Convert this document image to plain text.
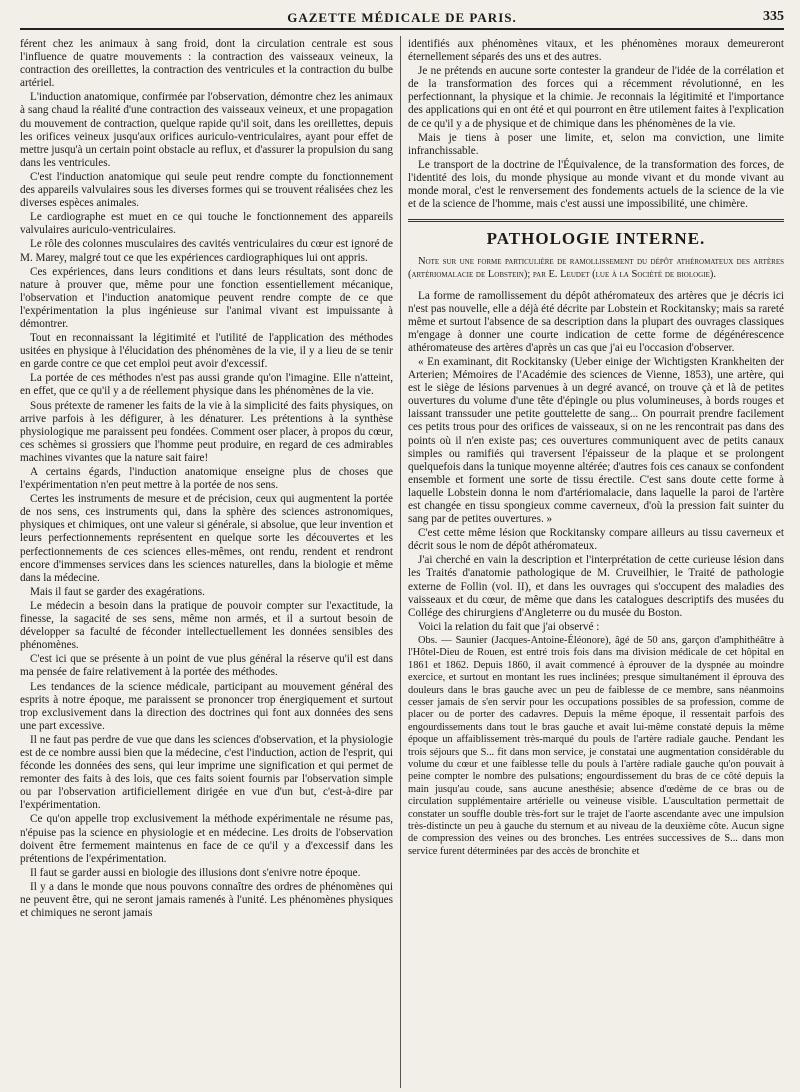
GAZETTE MÉDICALE DE PARIS.	335

férent chez les animaux à sang froid, dont la circulation centrale est sous l'influence de quatre mouvements : la contraction des vaisseaux veineux, la contraction des oreillettes, la contraction des ventricules et la contraction du bulbe artériel.

L'induction anatomique, confirmée par l'observation, démontre chez les animaux à sang chaud la réalité d'une contraction des vaisseaux veineux, et une propagation du mouvement de contraction, quelque rapide qu'il soit, dans les oreillettes, depuis les orifices veineux jusqu'aux orifices auriculo-ventriculaires, ayant pour effet de mettre jusqu'à un certain point obstacle au reflux, et d'assurer la propulsion du sang dans les ventricules.

C'est l'induction anatomique qui seule peut rendre compte du fonctionnement des appareils valvulaires sous les diverses formes qui se trouvent réalisées chez les diverses espèces animales.

Le cardiographe est muet en ce qui touche le fonctionnement des appareils valvulaires auriculo-ventriculaires.

Le rôle des colonnes musculaires des cavités ventriculaires du cœur est ignoré de M. Marey, malgré tout ce que les expériences cardiographiques lui ont appris.

Ces expériences, dans leurs conditions et dans leurs résultats, sont donc de nature à prouver que, même pour une fonction essentiellement mécanique, l'observation et l'induction anatomique peuvent rendre compte de ce que l'expérimentation la plus ingénieuse sur l'animal vivant est impuissante à démontrer.

Tout en reconnaissant la légitimité et l'utilité de l'application des méthodes usitées en physique à l'élucidation des phénomènes de la vie, il y a lieu de se tenir en garde contre ce que cet emploi peut avoir d'excessif.

La portée de ces méthodes n'est pas aussi grande qu'on l'imagine. Elle n'atteint, en effet, que ce qu'il y a de réellement physique dans les phénomènes de la vie.

Sous prétexte de ramener les faits de la vie à la simplicité des faits physiques, on arrive parfois à les défigurer, à les dénaturer. Les prétentions à la synthèse physiologique me paraissent peu fondées. Comment oser placer, à propos du cœur, ces schèmes si grossiers que l'homme peut produire, en regard de ces admirables machines vivantes que la nature sait faire!

A certains égards, l'induction anatomique enseigne plus de choses que l'expérimentation n'en peut mettre à la portée de nos sens.

Certes les instruments de mesure et de précision, ceux qui augmentent la portée de nos sens, ces instruments qui, dans la sphère des sciences astronomiques, physiques et chimiques, ont une valeur si générale, si absolue, que leur invention et leurs perfectionnements représentent en quelque sorte les découvertes et les perfectionnements de ces sciences elles-mêmes, ont rendu, rendent et rendront encore d'immenses services dans les sciences naturelles, dans la biologie et même dans la médecine.

Mais il faut se garder des exagérations.

Le médecin a besoin dans la pratique de pouvoir compter sur l'exactitude, la finesse, la sagacité de ses sens, même non armés, et il a surtout besoin de développer sa faculté de féconder intellectuellement les données sensibles des phénomènes.

C'est ici que se présente à un point de vue plus général la réserve qu'il est dans ma pensée de faire relativement à la portée des méthodes.

Les tendances de la science médicale, participant au mouvement général des esprits à notre époque, me paraissent se prononcer trop énergiquement et surtout trop exclusivement dans la direction des doctrines qui font aux données des sens une part excessive.

Il ne faut pas perdre de vue que dans les sciences d'observation, et la physiologie est de ce nombre aussi bien que la médecine, c'est l'induction, action de l'esprit, qui féconde les données des sens, qui leur imprime une signification et qui permet de remonter des faits à des lois, que ces faits soient fournis par l'observation simple ou par l'observation artificiellement dirigée en vue d'un but, c'est-à-dire par l'expérimentation.

Ce qu'on appelle trop exclusivement la méthode expérimentale ne résume pas, n'épuise pas la science en physiologie et en médecine. Les droits de l'observation doivent être fermement maintenus en face de ce qu'il y a d'excessif dans les prétentions de l'expérimentation.

Il faut se garder aussi en biologie des illusions dont s'enivre notre époque.

Il y a dans le monde que nous pouvons connaître des ordres de phénomènes qui ne peuvent être, qui ne seront jamais ramenés à l'unité. Les phénomènes physiques et chimiques ne seront jamais

identifiés aux phénomènes vitaux, et les phénomènes moraux demeureront éternellement séparés des uns et des autres.

Je ne prétends en aucune sorte contester la grandeur de l'idée de la corrélation et de la transformation des forces qui a récemment révolutionné, en les perfectionnant, la physique et la chimie. Je reconnais la légitimité et l'importance des applications qui en ont été et qui pourront en être utilement faites à l'explication de ce qu'il y a de physique et de chimique dans les phénomènes de la vie.

Mais je tiens à poser une limite, et, selon ma conviction, une limite infranchissable.

Le transport de la doctrine de l'Équivalence, de la transformation des forces, de l'identité des lois, du monde physique au monde vivant et du monde vivant au monde moral, c'est le renversement des fondements actuels de la science de la vie et de la science de l'homme, mais c'est aussi une impossibilité, une chimère.

PATHOLOGIE INTERNE.

Note sur une forme particulière de ramollissement du dépôt athéromateux des artères (artériomalacie de Lobstein); par E. Leudet (lue à la Société de biologie).

La forme de ramollissement du dépôt athéromateux des artères que je décris ici n'est pas nouvelle, elle a déjà été décrite par Lobstein et Rockitansky; mais sa rareté même et surtout l'absence de sa description dans la plupart des ouvrages classiques m'engage à donner une courte indication de cette forme de dégénérescence athéromateuse des artères d'après un cas que j'ai eu l'occasion d'observer.

« En examinant, dit Rockitansky (Ueber einige der Wichtigsten Krankheiten der Arterien; Mémoires de l'Académie des sciences de Vienne, 1853), une artère, qui est le siège de lésions parvenues à un degré avancé, on trouve çà et là de petites ouvertures du volume d'une tête d'épingle ou plus volumineuses, à bords rouges et laissant transsuder une petite gouttelette de sang... On pourrait prendre facilement ces petits trous pour des orifices de vaisseaux, si on ne les rencontrait pas dans des points où il n'en existe pas; ces ouvertures communiquent avec de petits canaux simples ou ramifiés qui traversent l'épaisseur de la plaque et se prolongent quelquefois dans la tunique moyenne altérée; d'autres fois ces canaux se confondent ensemble et forment une sorte de tissu érectile. C'est sans doute cette forme à laquelle Lobstein donna le nom d'artériomalacie, dans laquelle la paroi de l'artère est changée en tissu spongieux comme caverneux, d'où la pression fait suinter du sang par de petites ouvertures. »

C'est cette même lésion que Rockitansky compare ailleurs au tissu caverneux et décrit sous le nom de dépôt athéromateux.

J'ai cherché en vain la description et l'interprétation de cette curieuse lésion dans les Traités d'anatomie pathologique de M. Cruveilhier, le Traité de pathologie externe de Follin (vol. II), et dans les ouvrages qui s'occupent des maladies des vaisseaux et du cœur, de même que dans les catalogues descriptifs des musées du Collége des chirurgiens d'Angleterre ou du musée du Boston.

Voici la relation du fait que j'ai observé :

Obs. — Saunier (Jacques-Antoine-Éléonore), âgé de 50 ans, garçon d'amphithéâtre à l'Hôtel-Dieu de Rouen, est entré trois fois dans ma division médicale de cet hôpital en 1861 et 1862. Depuis 1860, il avait commencé à éprouver de la dyspnée au moindre exercice, et surtout en montant les rues inclinées; presque simultanément il éprouva des douleurs dans le bras gauche avec un peu de faiblesse de ce membre, sans néanmoins cesser jamais de s'en servir pour les occupations possibles de sa profession, comme de placer ou de porter des cadavres. Depuis la même époque, il ressentait parfois des engourdissements dans tout le bras gauche et avait lui-même constaté depuis la même époque un affaiblissement très-marqué du pouls de l'artère radiale gauche. Pendant les trois séjours que S... fit dans mon service, je constatai une augmentation considérable du volume du cœur et une faiblesse telle du pouls à l'artère radiale gauche qu'on pouvait à peine compter le nombre des pulsations; engourdissement du bras de ce côté depuis la main jusqu'au coude, sans aucune anesthésie; absence d'œdème de ce bras ou de circulation supplémentaire artérielle ou veineuse visible. L'auscultation permettait de constater un souffle double très-fort sur le trajet de l'aorte ascendante avec une impulsion très-distincte un peu à gauche du sternum et au niveau de la deuxième côte. Aucun signe de compression des veines ou des bronches. Les entrées successives de S... dans mon service furent déterminées par des accès de bronchite et
